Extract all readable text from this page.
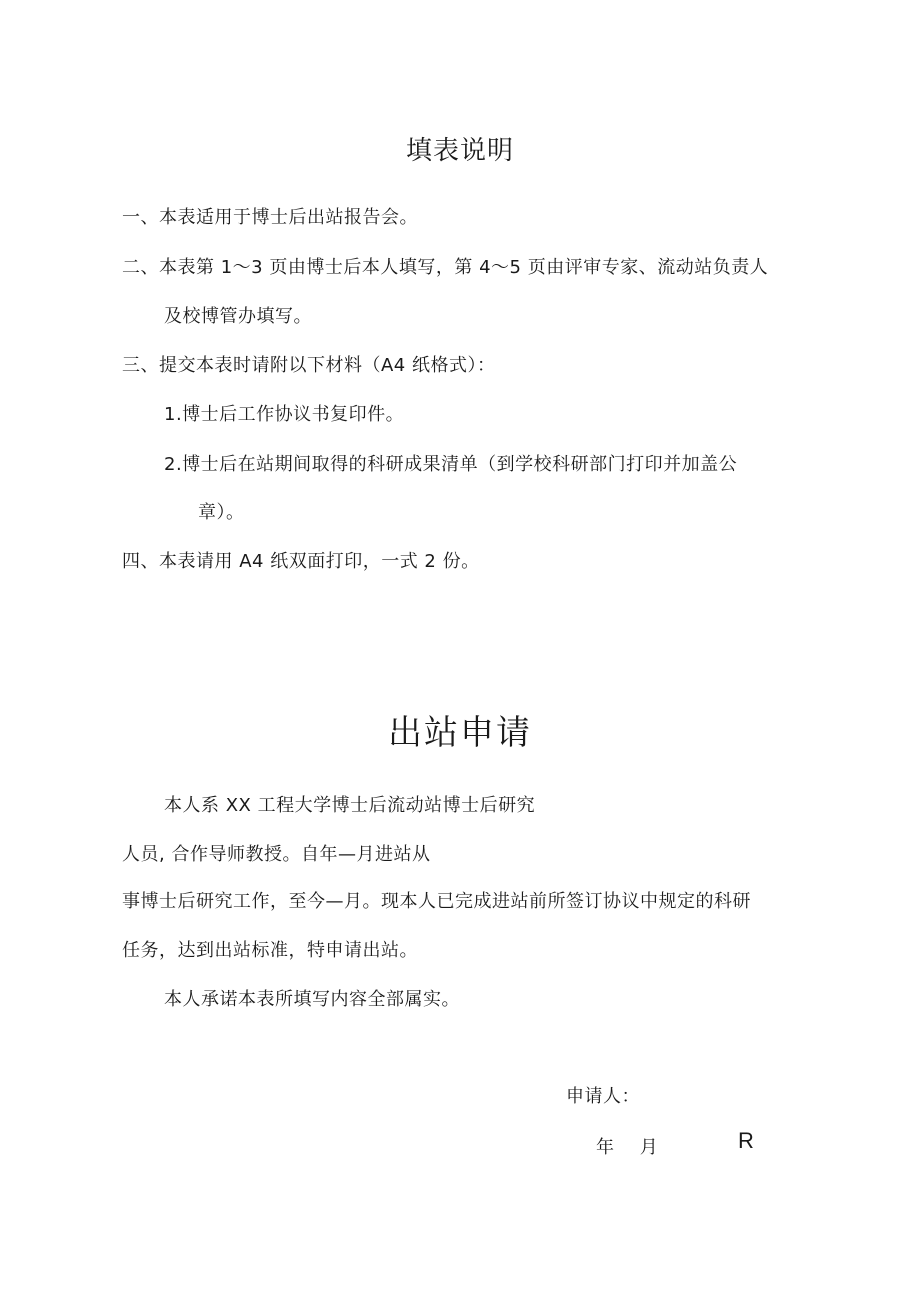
填表说明

一、本表适用于博士后出站报告会。

二、本表第 1〜3 页由博士后本人填写，第 4〜5 页由评审专家、流动站负责人

及校博管办填写。

三、提交本表时请附以下材料（A4 纸格式）：

1.博士后工作协议书复印件。

2.博士后在站期间取得的科研成果清单（到学校科研部门打印并加盖公

章）。

四、本表请用 A4 纸双面打印，一式 2 份。

出站申请

本人系 XX 工程大学博士后流动站博士后研究

人员, 合作导师教授。自年—月进站从

事博士后研究工作，至今—月。现本人已完成进站前所签订协议中规定的科研

任务，达到出站标准，特申请出站。

本人承诺本表所填写内容全部属实。

申请人：

年 月	R
